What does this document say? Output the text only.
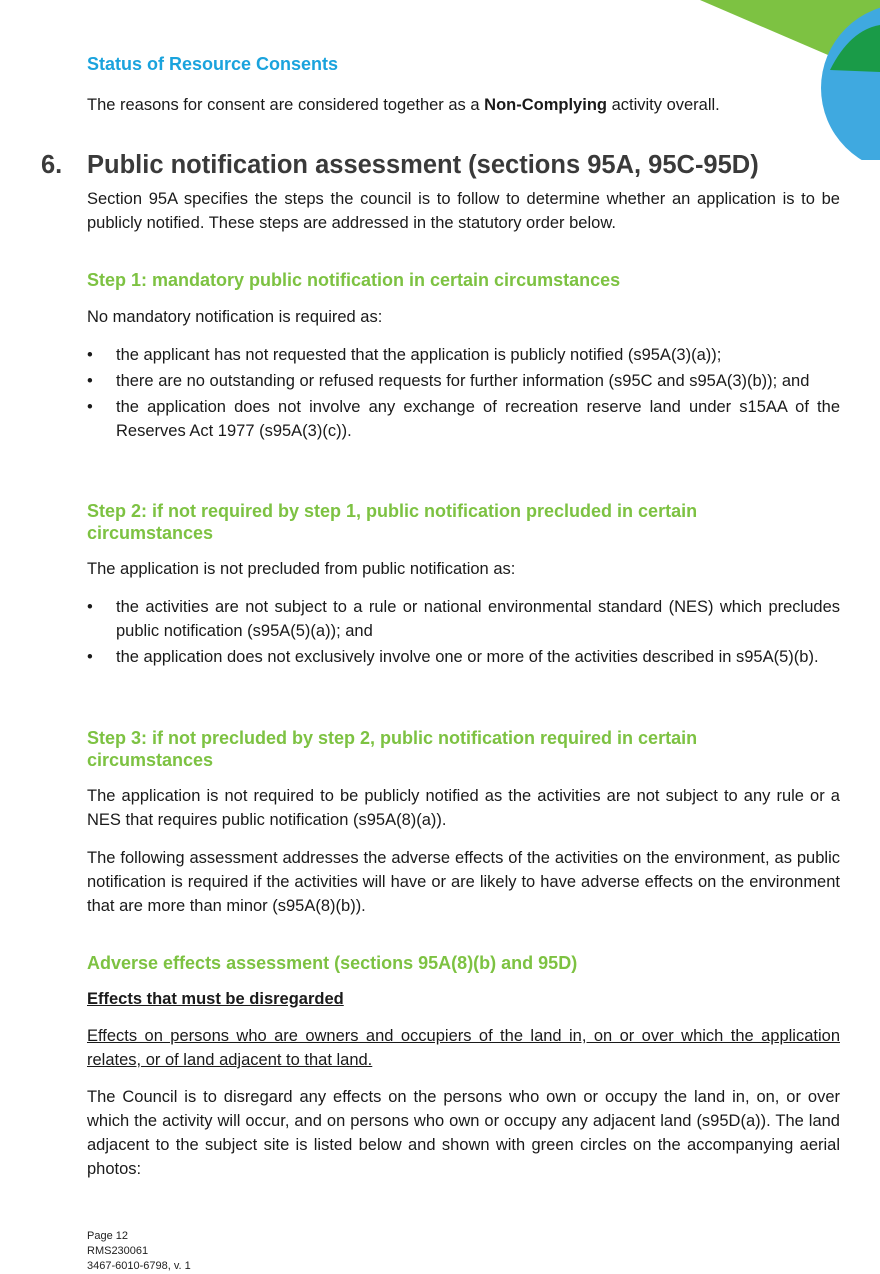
Status of Resource Consents

The reasons for consent are considered together as a Non-Complying activity overall.

6. Public notification assessment (sections 95A, 95C-95D)

Section 95A specifies the steps the council is to follow to determine whether an application is to be publicly notified. These steps are addressed in the statutory order below.

Step 1: mandatory public notification in certain circumstances

No mandatory notification is required as:

• the applicant has not requested that the application is publicly notified (s95A(3)(a));
• there are no outstanding or refused requests for further information (s95C and s95A(3)(b)); and
• the application does not involve any exchange of recreation reserve land under s15AA of the Reserves Act 1977 (s95A(3)(c)).
Step 2: if not required by step 1, public notification precluded in certain circumstances

The application is not precluded from public notification as:

• the activities are not subject to a rule or national environmental standard (NES) which precludes public notification (s95A(5)(a)); and
• the application does not exclusively involve one or more of the activities described in s95A(5)(b).
Step 3: if not precluded by step 2, public notification required in certain circumstances

The application is not required to be publicly notified as the activities are not subject to any rule or a NES that requires public notification (s95A(8)(a)).

The following assessment addresses the adverse effects of the activities on the environment, as public notification is required if the activities will have or are likely to have adverse effects on the environment that are more than minor (s95A(8)(b)).

Adverse effects assessment (sections 95A(8)(b) and 95D)

Effects that must be disregarded

Effects on persons who are owners and occupiers of the land in, on or over which the application relates, or of land adjacent to that land.

The Council is to disregard any effects on the persons who own or occupy the land in, on, or over which the activity will occur, and on persons who own or occupy any adjacent land (s95D(a)). The land adjacent to the subject site is listed below and shown with green circles on the accompanying aerial photos:

Page 12
RMS230061
3467-6010-6798, v. 1
